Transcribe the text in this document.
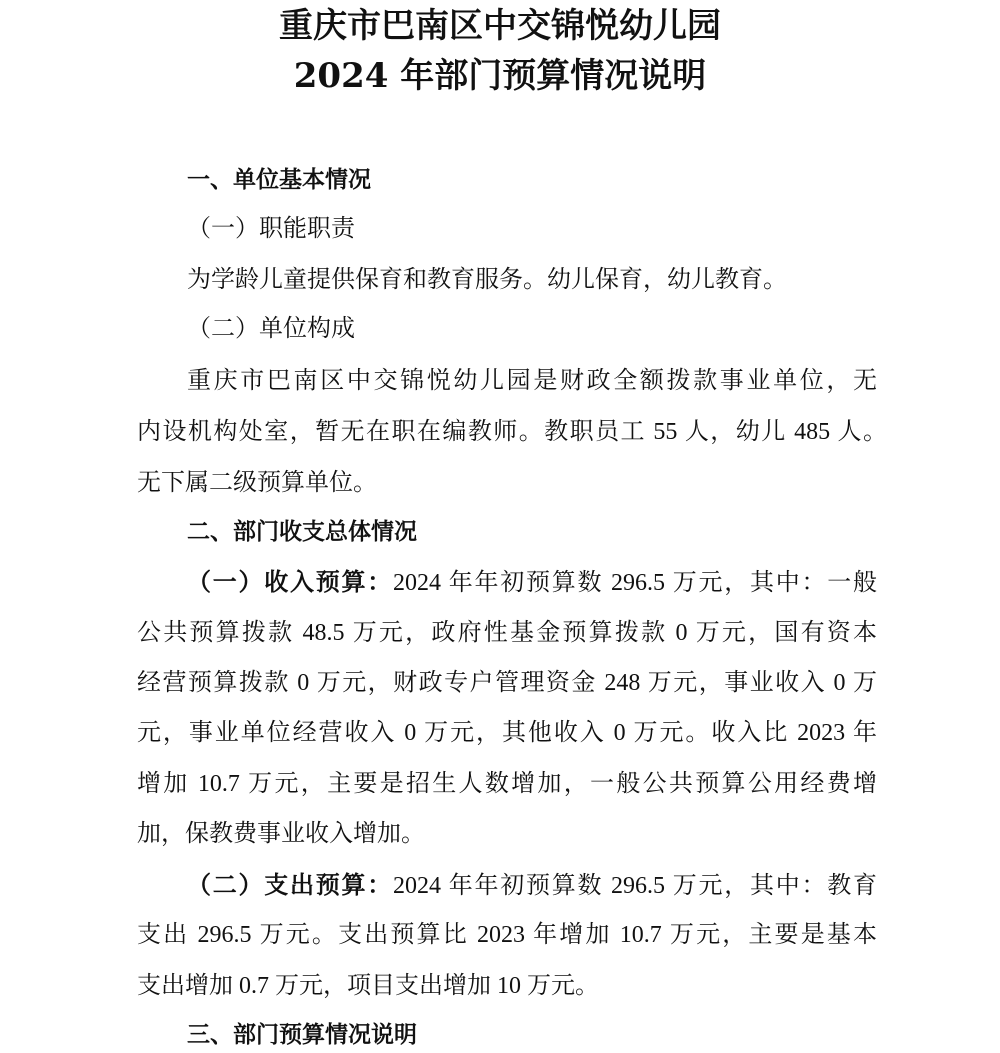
重庆市巴南区中交锦悦幼儿园
2024 年部门预算情况说明
一、单位基本情况
（一）职能职责
为学龄儿童提供保育和教育服务。幼儿保育，幼儿教育。
（二）单位构成
重庆市巴南区中交锦悦幼儿园是财政全额拨款事业单位，无
内设机构处室，暂无在职在编教师。教职员工 55 人，幼儿 485 人。
无下属二级预算单位。
二、部门收支总体情况
（一）收入预算：2024 年年初预算数 296.5 万元，其中：一般
公共预算拨款 48.5 万元，政府性基金预算拨款 0 万元，国有资本
经营预算拨款 0 万元，财政专户管理资金 248 万元，事业收入 0 万
元，事业单位经营收入 0 万元，其他收入 0 万元。收入比 2023 年
增加 10.7 万元，主要是招生人数增加，一般公共预算公用经费增
加，保教费事业收入增加。
（二）支出预算：2024 年年初预算数 296.5 万元，其中：教育
支出 296.5 万元。支出预算比 2023 年增加 10.7 万元，主要是基本
支出增加 0.7 万元，项目支出增加 10 万元。
三、部门预算情况说明
